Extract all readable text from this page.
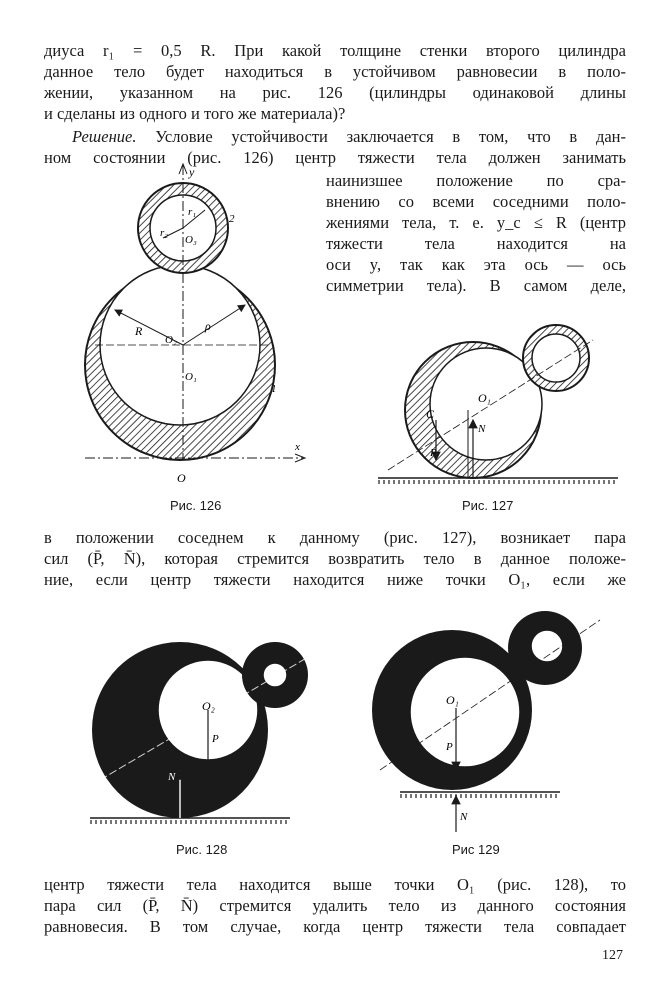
диуса r₁ = 0,5 R. При какой толщине стенки второго цилиндра
данное тело будет находиться в устойчивом равновесии в поло-
жении, указанном на рис. 126 (цилиндры одинаковой длины
и сделаны из одного и того же материала)?
Решение. Условие устойчивости заключается в том, что в дан-
ном состоянии (рис. 126) центр тяжести тела должен занимать
наинизшее положение по сра-
внению со всеми соседними поло-
жениями тела, т. е. y_c ≤ R (центр
тяжести тела находится на
оси y, так как эта ось — ось
симметрии тела). В самом деле,
y
r₁
r₂
O₃
2
R	ρ
O₂
O₁
1
x
O
Рис. 126
C
O₁
N
P
Рис. 127
в положении соседнем к данному (рис. 127), возникает пара
сил (P̄, N̄), которая стремится возвратить тело в данное положе-
ние, если центр тяжести находится ниже точки O₁, если же
O₂
P
N
Рис. 128
O₁
P
N
Рис 129
центр тяжести тела находится выше точки O₁ (рис. 128), то
пара сил (P̄, N̄) стремится удалить тело из данного состояния
равновесия. В том случае, когда центр тяжести тела совпадает
127
